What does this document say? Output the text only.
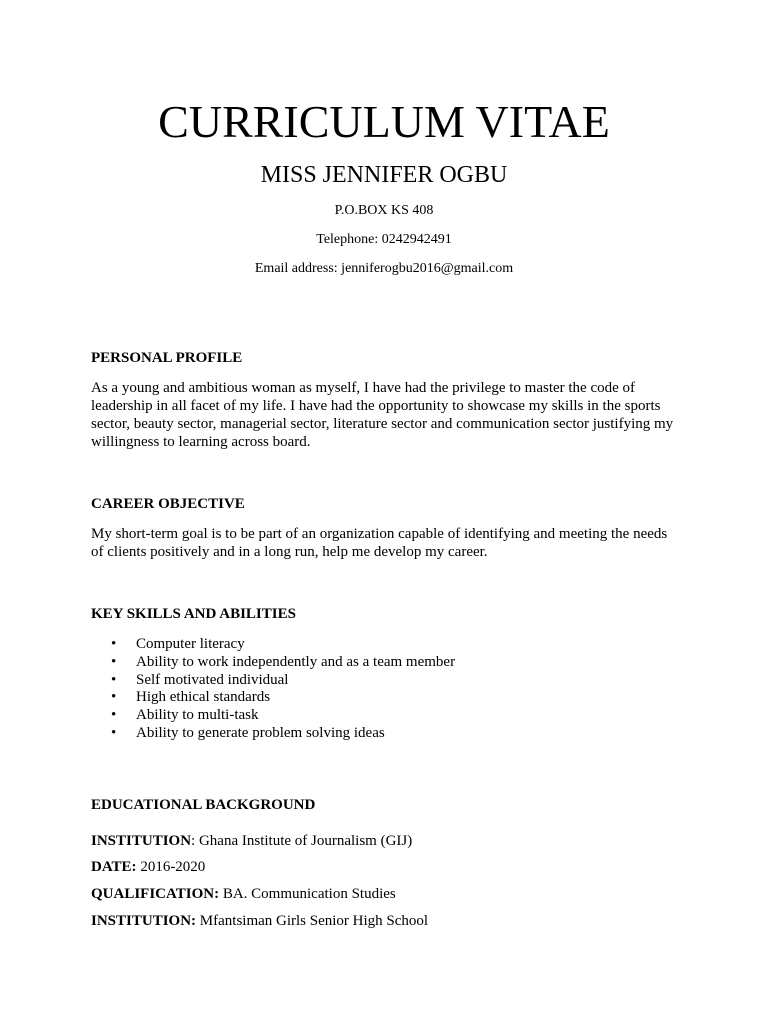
CURRICULUM VITAE
MISS JENNIFER OGBU

P.O.BOX KS 408

Telephone: 0242942491

Email address: jenniferogbu2016@gmail.com

PERSONAL PROFILE
As a young and ambitious woman as myself, I have had the privilege to master the code of
leadership in all facet of my life. I have had the opportunity to showcase my skills in the sports
sector, beauty sector, managerial sector, literature sector and communication sector justifying my
willingness to learning across board.
CAREER OBJECTIVE
My short-term goal is to be part of an organization capable of identifying and meeting the needs
of clients positively and in a long run, help me develop my career.
KEY SKILLS AND ABILITIES
• Computer literacy
• Ability to work independently and as a team member
• Self motivated individual
• High ethical standards
• Ability to multi-task
• Ability to generate problem solving ideas
EDUCATIONAL BACKGROUND

INSTITUTION: Ghana Institute of Journalism (GIJ)

DATE: 2016-2020

QUALIFICATION: BA. Communication Studies

INSTITUTION: Mfantsiman Girls Senior High School
